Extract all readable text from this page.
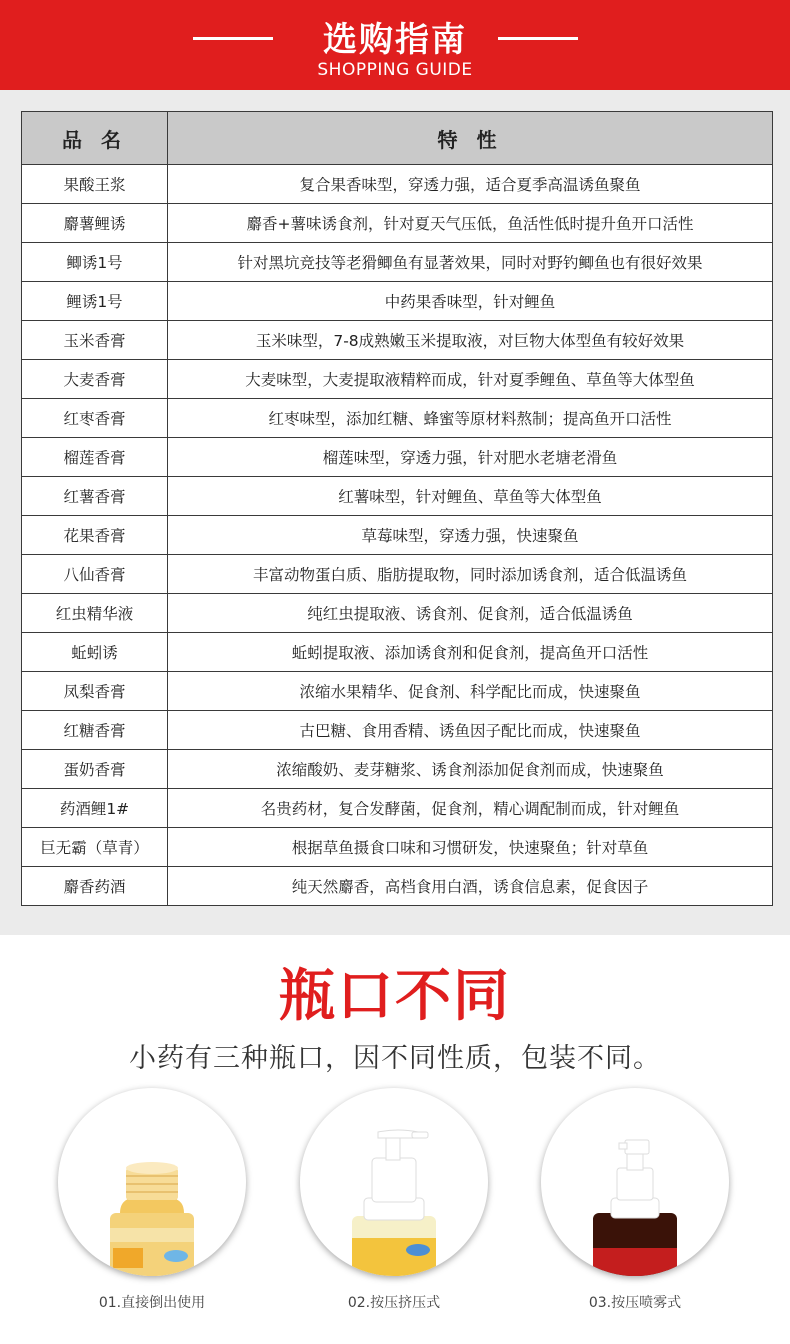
选购指南
SHOPPING GUIDE
品 名	特 性
果酸王浆	复合果香味型，穿透力强，适合夏季高温诱鱼聚鱼
麝薯鲤诱	麝香+薯味诱食剂，针对夏天气压低，鱼活性低时提升鱼开口活性
鲫诱1号	针对黑坑竞技等老猾鲫鱼有显著效果，同时对野钓鲫鱼也有很好效果
鲤诱1号	中药果香味型，针对鲤鱼
玉米香膏	玉米味型，7-8成熟嫩玉米提取液，对巨物大体型鱼有较好效果
大麦香膏	大麦味型，大麦提取液精粹而成，针对夏季鲤鱼、草鱼等大体型鱼
红枣香膏	红枣味型，添加红糖、蜂蜜等原材料熬制；提高鱼开口活性
榴莲香膏	榴莲味型，穿透力强，针对肥水老塘老滑鱼
红薯香膏	红薯味型，针对鲤鱼、草鱼等大体型鱼
花果香膏	草莓味型，穿透力强，快速聚鱼
八仙香膏	丰富动物蛋白质、脂肪提取物，同时添加诱食剂，适合低温诱鱼
红虫精华液	纯红虫提取液、诱食剂、促食剂，适合低温诱鱼
蚯蚓诱	蚯蚓提取液、添加诱食剂和促食剂，提高鱼开口活性
凤梨香膏	浓缩水果精华、促食剂、科学配比而成，快速聚鱼
红糖香膏	古巴糖、食用香精、诱鱼因子配比而成，快速聚鱼
蛋奶香膏	浓缩酸奶、麦芽糖浆、诱食剂添加促食剂而成，快速聚鱼
药酒鲤1#	名贵药材，复合发酵菌，促食剂，精心调配制而成，针对鲤鱼
巨无霸（草青）	根据草鱼摄食口味和习惯研发，快速聚鱼；针对草鱼
麝香药酒	纯天然麝香，高档食用白酒，诱食信息素，促食因子
瓶口不同
小药有三种瓶口，因不同性质，包装不同。
01.直接倒出使用	02.按压挤压式	03.按压喷雾式
